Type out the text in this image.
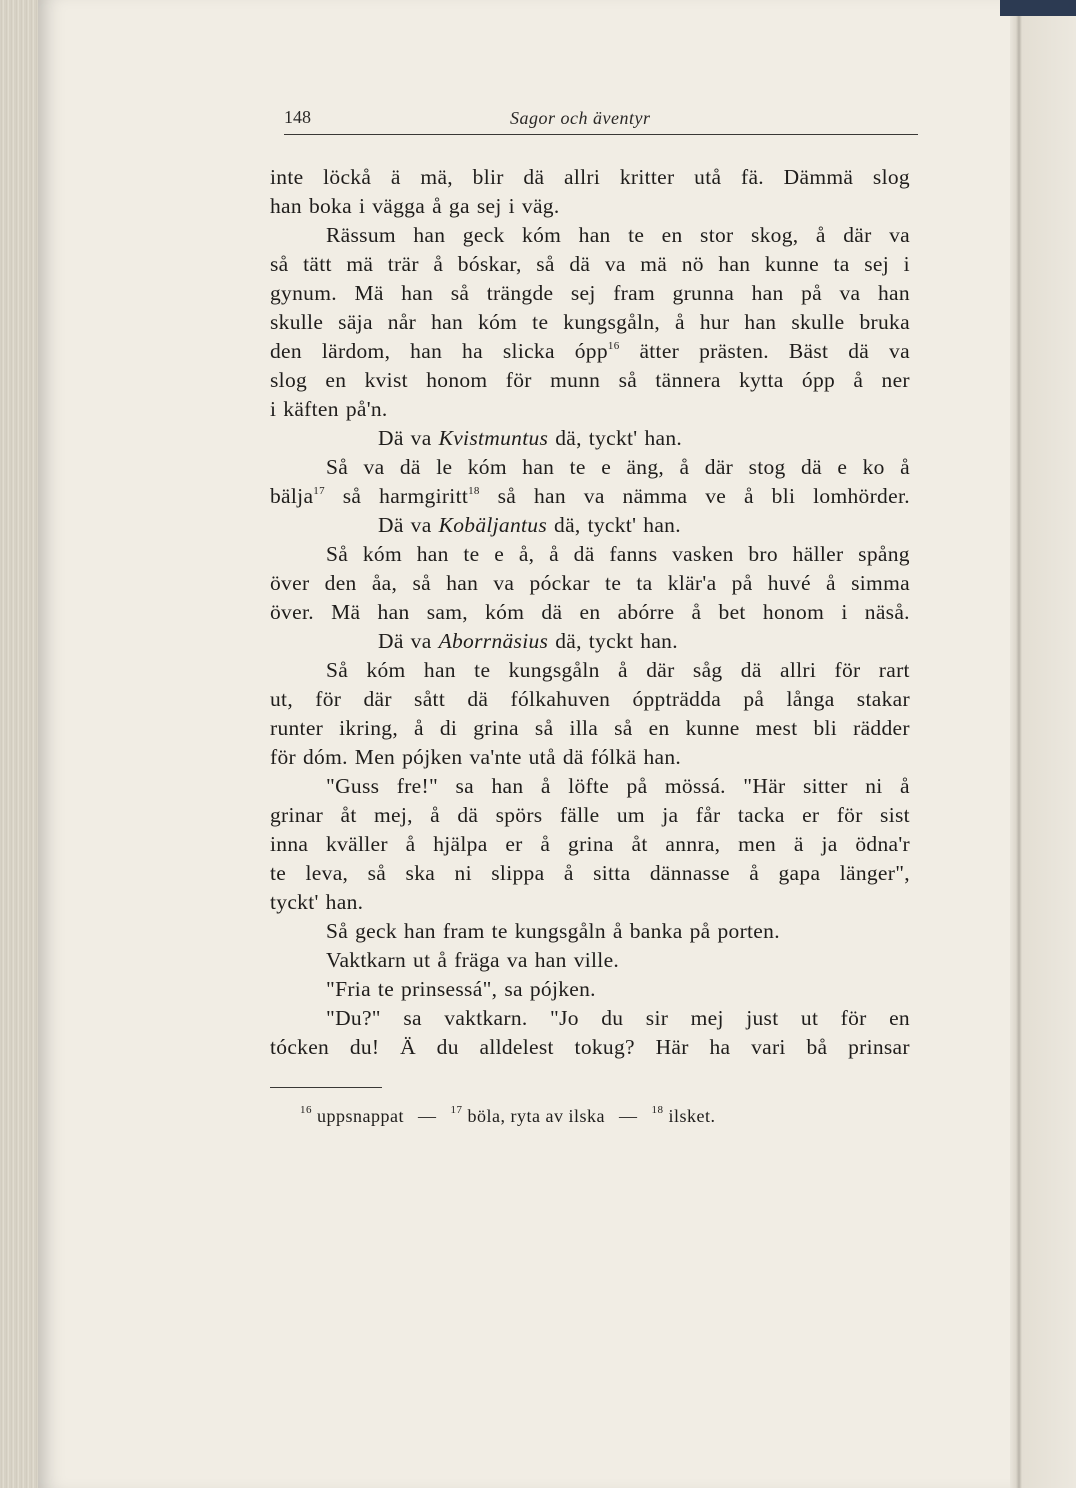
148	Sagor och äventyr
inte löckå ä mä, blir dä allri kritter utå fä. Dämmä slog
han boka i vägga å ga sej i väg.
Rässum han geck kóm han te en stor skog, å där va
så tätt mä trär å bóskar, så dä va mä nö han kunne ta sej i
gynum. Mä han så trängde sej fram grunna han på va han
skulle säja når han kóm te kungsgåln, å hur han skulle bruka
den lärdom, han ha slicka ópp$^{16}$ ätter prästen. Bäst dä va
slog en kvist honom för munn så tännera kytta ópp å ner
i käften på'n.
Dä va Kvistmuntus dä, tyckt' han.
Så va dä le kóm han te e äng, å där stog dä e ko å
bälja$^{17}$ så harmgiritt$^{18}$ så han va nämma ve å bli lomhörder.
Dä va Kobäljantus dä, tyckt' han.
Så kóm han te e å, å dä fanns vasken bro häller spång
över den åa, så han va póckar te ta klär'a på huvé å simma
över. Mä han sam, kóm dä en abórre å bet honom i näså.
Dä va Aborrnäsius dä, tyckt han.
Så kóm han te kungsgåln å där såg dä allri för rart
ut, för där sått dä fólkahuven óppträdda på långa stakar
runter ikring, å di grina så illa så en kunne mest bli rädder
för dóm. Men pójken va'nte utå dä fólkä han.
"Guss fre!" sa han å löfte på mössá. "Här sitter ni å
grinar åt mej, å dä spörs fälle um ja får tacka er för sist
inna kväller å hjälpa er å grina åt annra, men ä ja ödna'r
te leva, så ska ni slippa å sitta dännasse å gapa länger",
tyckt' han.
Så geck han fram te kungsgåln å banka på porten.
Vaktkarn ut å fräga va han ville.
"Fria te prinsessá", sa pójken.
"Du?" sa vaktkarn. "Jo du sir mej just ut för en
tócken du! Ä du alldelest tokug? Här ha vari bå prinsar
$^{16}$ uppsnappat — $^{17}$ böla, ryta av ilska — $^{18}$ ilsket.
